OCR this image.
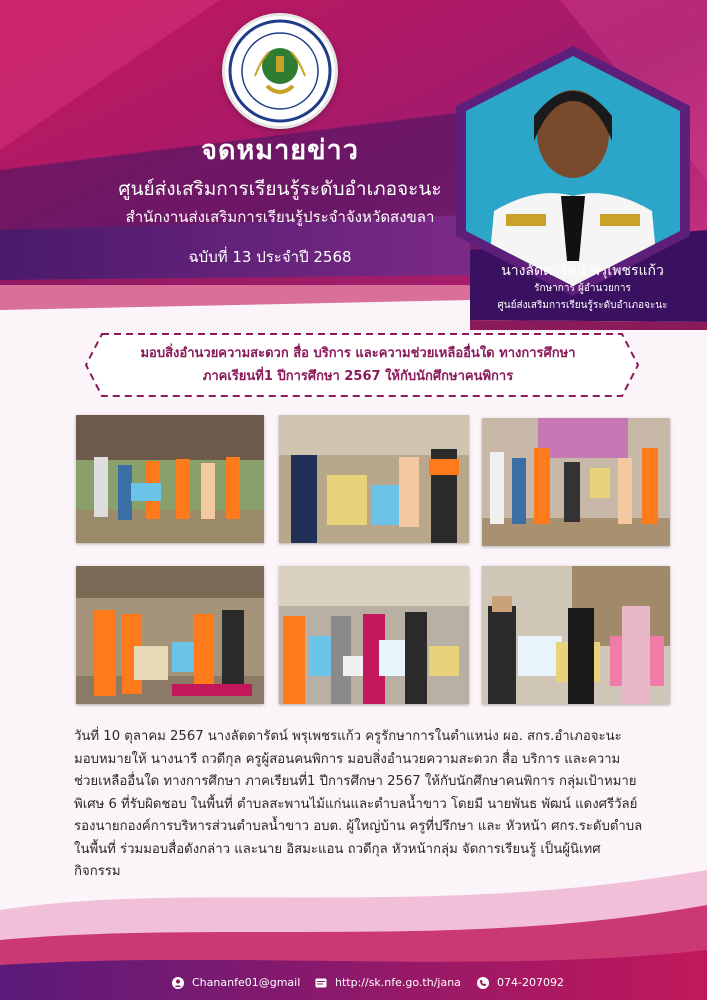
จดหมายข่าว
ศูนย์ส่งเสริมการเรียนรู้ระดับอำเภอจะนะ
สำนักงานส่งเสริมการเรียนรู้ประจำจังหวัดสงขลา
ฉบับที่ 13 ประจำปี 2568
นางลัดดารัตน์ พรุเพชรแก้ว
รักษาการ ผู้อำนวยการ
ศูนย์ส่งเสริมการเรียนรู้ระดับอำเภอจะนะ
มอบสิ่งอำนวยความสะดวก สื่อ บริการ และความช่วยเหลืออื่นใด ทางการศึกษา
ภาคเรียนที่1 ปีการศึกษา 2567 ให้กับนักศึกษาคนพิการ
วันที่ 10 ตุลาคม 2567 นางลัดดารัตน์ พรุเพชรแก้ว ครูรักษาการในตำแหน่ง ผอ. สกร.อำเภอจะนะ มอบหมายให้ นางนารี ถวดีกุล ครูผู้สอนคนพิการ มอบสิ่งอำนวยความสะดวก สื่อ บริการ และความช่วยเหลืออื่นใด ทางการศึกษา ภาคเรียนที่1 ปีการศึกษา 2567 ให้กับนักศึกษาคนพิการ กลุ่มเป้าหมายพิเศษ 6 ที่รับผิดชอบ ในพื้นที่ ตำบลสะพานไม้แก่นและตำบลน้ำขาว โดยมี นายพันธ พัฒน์ แดงศรีวัลย์ รองนายกองค์การบริหารส่วนตำบลน้ำขาว อบต. ผู้ใหญ่บ้าน ครูที่ปรึกษา และ หัวหน้า ศกร.ระดับตำบล ในพื้นที่ ร่วมมอบสื่อดังกล่าว และนาย อิสมะแอน ถวดีกุล หัวหน้ากลุ่ม จัดการเรียนรู้ เป็นผู้นิเทศกิจกรรม
Chananfe01@gmail	http://sk.nfe.go.th/jana	074-207092
